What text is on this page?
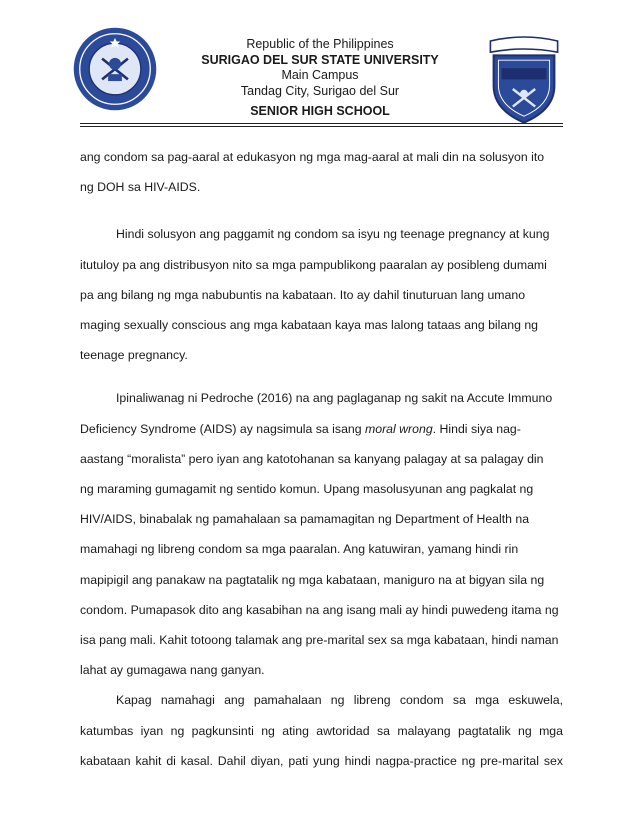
Republic of the Philippines
SURIGAO DEL SUR STATE UNIVERSITY
Main Campus
Tandag City, Surigao del Sur
SENIOR HIGH SCHOOL

ang condom sa pag-aaral at edukasyon ng mga mag-aaral at mali din na solusyon ito
ng DOH sa HIV-AIDS.

Hindi solusyon ang paggamit ng condom sa isyu ng teenage pregnancy at kung
itutuloy pa ang distribusyon nito sa mga pampublikong paaralan ay posibleng dumami
pa ang bilang ng mga nabubuntis na kabataan. Ito ay dahil tinuturuan lang umano
maging sexually conscious ang mga kabataan kaya mas lalong tataas ang bilang ng
teenage pregnancy.

Ipinaliwanag ni Pedroche (2016) na ang paglaganap ng sakit na Accute Immuno
Deficiency Syndrome (AIDS) ay nagsimula sa isang moral wrong. Hindi siya nag-
aastang “moralista” pero iyan ang katotohanan sa kanyang palagay at sa palagay din
ng maraming gumagamit ng sentido komun. Upang masolusyunan ang pagkalat ng
HIV/AIDS, binabalak ng pamahalaan sa pamamagitan ng Department of Health na
mamahagi ng libreng condom sa mga paaralan. Ang katuwiran, yamang hindi rin
mapipigil ang panakaw na pagtatalik ng mga kabataan, maniguro na at bigyan sila ng
condom. Pumapasok dito ang kasabihan na ang isang mali ay hindi puwedeng itama ng
isa pang mali. Kahit totoong talamak ang pre-marital sex sa mga kabataan, hindi naman
lahat ay gumagawa nang ganyan.

Kapag namahagi ang pamahalaan ng libreng condom sa mga eskuwela,
katumbas iyan ng pagkunsinti ng ating awtoridad sa malayang pagtatalik ng mga
kabataan kahit di kasal. Dahil diyan, pati yung hindi nagpa-practice ng pre-marital sex
